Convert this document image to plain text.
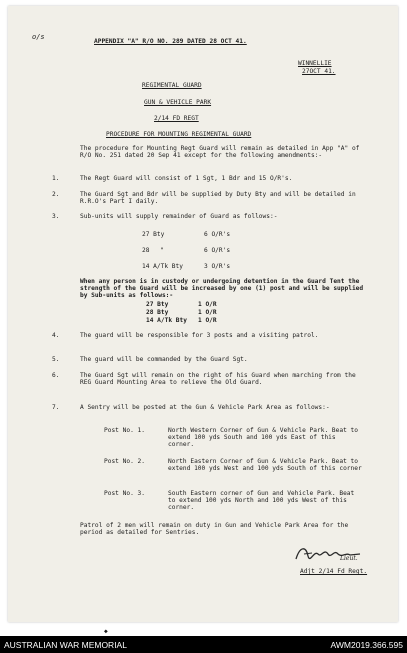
o/s
APPENDIX "A" R/O NO. 289 DATED 28 OCT 41.
WINNELLIE
27OCT 41.
REGIMENTAL GUARD
GUN & VEHICLE PARK
2/14 FD REGT
PROCEDURE FOR MOUNTING REGIMENTAL GUARD
The procedure for Mounting Regt Guard will remain as detailed in App "A" of R/O No. 251 dated 20 Sep 41 except for the following amendments:-
1.	The Regt Guard will consist of 1 Sgt, 1 Bdr and 15 O/R's.
2.	The Guard Sgt and Bdr will be supplied by Duty Bty and will be detailed in R.R.O's Part I daily.
3.	Sub-units will supply remainder of Guard as follows:-
27 Bty	6 O/R's
28 "	6 O/R's
14 A/Tk Bty	3 O/R's
When any person is in custody or undergoing detention in the Guard Tent the strength of the Guard will be increased by one (1) post and will be supplied by Sub-units as follows:-
27 Bty	1 O/R
28 Bty	1 O/R
14 A/Tk Bty 1 O/R
4.	The guard will be responsible for 3 posts and a visiting patrol.
5.	The guard will be commanded by the Guard Sgt.
6.	The Guard Sgt will remain on the right of his Guard when marching from the REG Guard Mounting Area to relieve the Old Guard.
7.	A Sentry will be posted at the Gun & Vehicle Park Area as follows:-
Post No. 1.	North Western Corner of Gun & Vehicle Park. Beat to extend 100 yds South and 100 yds East of this corner.
Post No. 2.	North Eastern Corner of Gun & Vehicle Park. Beat to extend 100 yds West and 100 yds South of this corner
Post No. 3.	South Eastern corner of Gun and Vehicle Park. Beat to extend 100 yds North and 100 yds West of this corner.
Patrol of 2 men will remain on duty in Gun and Vehicle Park Area for the period as detailed for Sentries.
Lieut.
Adjt 2/14 Fd Regt.
◆
AUSTRALIAN WAR MEMORIAL	AWM2019.366.595
